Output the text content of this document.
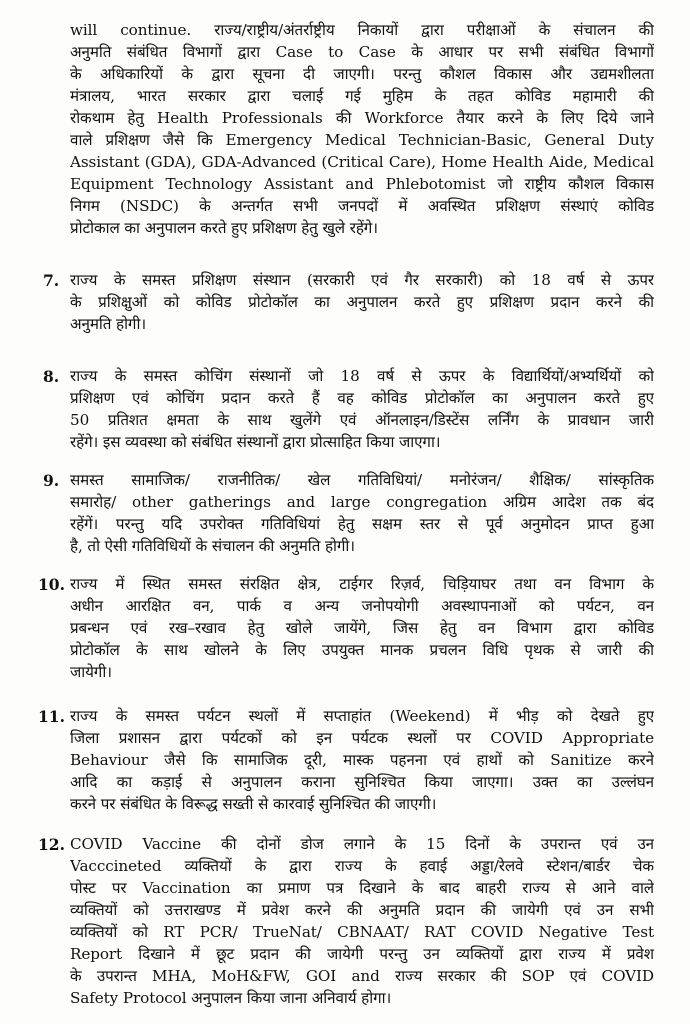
will continue. राज्य/राष्ट्रीय/अंतर्राष्ट्रीय निकायों द्वारा परीक्षाओं के संचालन की
अनुमति संबंधित विभागों द्वारा Case to Case के आधार पर सभी संबंधित विभागों
के अधिकारियों के द्वारा सूचना दी जाएगी। परन्तु कौशल विकास और उद्यमशीलता
मंत्रालय, भारत सरकार द्वारा चलाई गई मुहिम के तहत कोविड महामारी की
रोकथाम हेतु Health Professionals की Workforce तैयार करने के लिए दिये जाने
वाले प्रशिक्षण जैसे कि Emergency Medical Technician-Basic, General Duty
Assistant (GDA), GDA-Advanced (Critical Care), Home Health Aide, Medical
Equipment Technology Assistant and Phlebotomist जो राष्ट्रीय कौशल विकास
निगम (NSDC) के अन्तर्गत सभी जनपदों में अवस्थित प्रशिक्षण संस्थाएं कोविड
प्रोटोकाल का अनुपालन करते हुए प्रशिक्षण हेतु खुले रहेंगे।
7. राज्य के समस्त प्रशिक्षण संस्थान (सरकारी एवं गैर सरकारी) को 18 वर्ष से ऊपर
के प्रशिक्षुओं को कोविड प्रोटोकॉल का अनुपालन करते हुए प्रशिक्षण प्रदान करने की
अनुमति होगी।
8. राज्य के समस्त कोचिंग संस्थानों जो 18 वर्ष से ऊपर के विद्यार्थियों/अभ्यर्थियों को
प्रशिक्षण एवं कोचिंग प्रदान करते हैं वह कोविड प्रोटोकॉल का अनुपालन करते हुए
50 प्रतिशत क्षमता के साथ खुलेंगे एवं ऑनलाइन/डिस्टेंस लर्निंग के प्रावधान जारी
रहेंगे। इस व्यवस्था को संबंधित संस्थानों द्वारा प्रोत्साहित किया जाएगा।
9. समस्त सामाजिक/ राजनीतिक/ खेल गतिविधियां/ मनोरंजन/ शैक्षिक/ सांस्कृतिक
समारोह/ other gatherings and large congregation अग्रिम आदेश तक बंद
रहेंगें। परन्तु यदि उपरोक्त गतिविधियां हेतु सक्षम स्तर से पूर्व अनुमोदन प्राप्त हुआ
है, तो ऐसी गतिविधियों के संचालन की अनुमति होगी।
10. राज्य में स्थित समस्त संरक्षित क्षेत्र, टाईगर रिज़र्व, चिड़ियाघर तथा वन विभाग के
अधीन आरक्षित वन, पार्क व अन्य जनोपयोगी अवस्थापनाओं को पर्यटन, वन
प्रबन्धन एवं रख–रखाव हेतु खोले जायेंगे, जिस हेतु वन विभाग द्वारा कोविड
प्रोटोकॉल के साथ खोलने के लिए उपयुक्त मानक प्रचलन विधि पृथक से जारी की
जायेगी।
11. राज्य के समस्त पर्यटन स्थलों में सप्ताहांत (Weekend) में भीड़ को देखते हुए
जिला प्रशासन द्वारा पर्यटकों को इन पर्यटक स्थलों पर COVID Appropriate
Behaviour जैसे कि सामाजिक दूरी, मास्क पहनना एवं हाथों को Sanitize करने
आदि का कड़ाई से अनुपालन कराना सुनिश्चित किया जाएगा। उक्त का उल्लंघन
करने पर संबंधित के विरूद्ध सख्ती से कारवाई सुनिश्चित की जाएगी।
12. COVID Vaccine की दोनों डोज लगाने के 15 दिनों के उपरान्त एवं उन
Vacccineted व्यक्तियों के द्वारा राज्य के हवाई अड्डा/रेलवे स्टेशन/बार्डर चेक
पोस्ट पर Vaccination का प्रमाण पत्र दिखाने के बाद बाहरी राज्य से आने वाले
व्यक्तियों को उत्तराखण्ड में प्रवेश करने की अनुमति प्रदान की जायेगी एवं उन सभी
व्यक्तियों को RT PCR/ TrueNat/ CBNAAT/ RAT COVID Negative Test
Report दिखाने में छूट प्रदान की जायेगी परन्तु उन व्यक्तियों द्वारा राज्य में प्रवेश
के उपरान्त MHA, MoH&FW, GOI and राज्य सरकार की SOP एवं COVID
Safety Protocol अनुपालन किया जाना अनिवार्य होगा।
